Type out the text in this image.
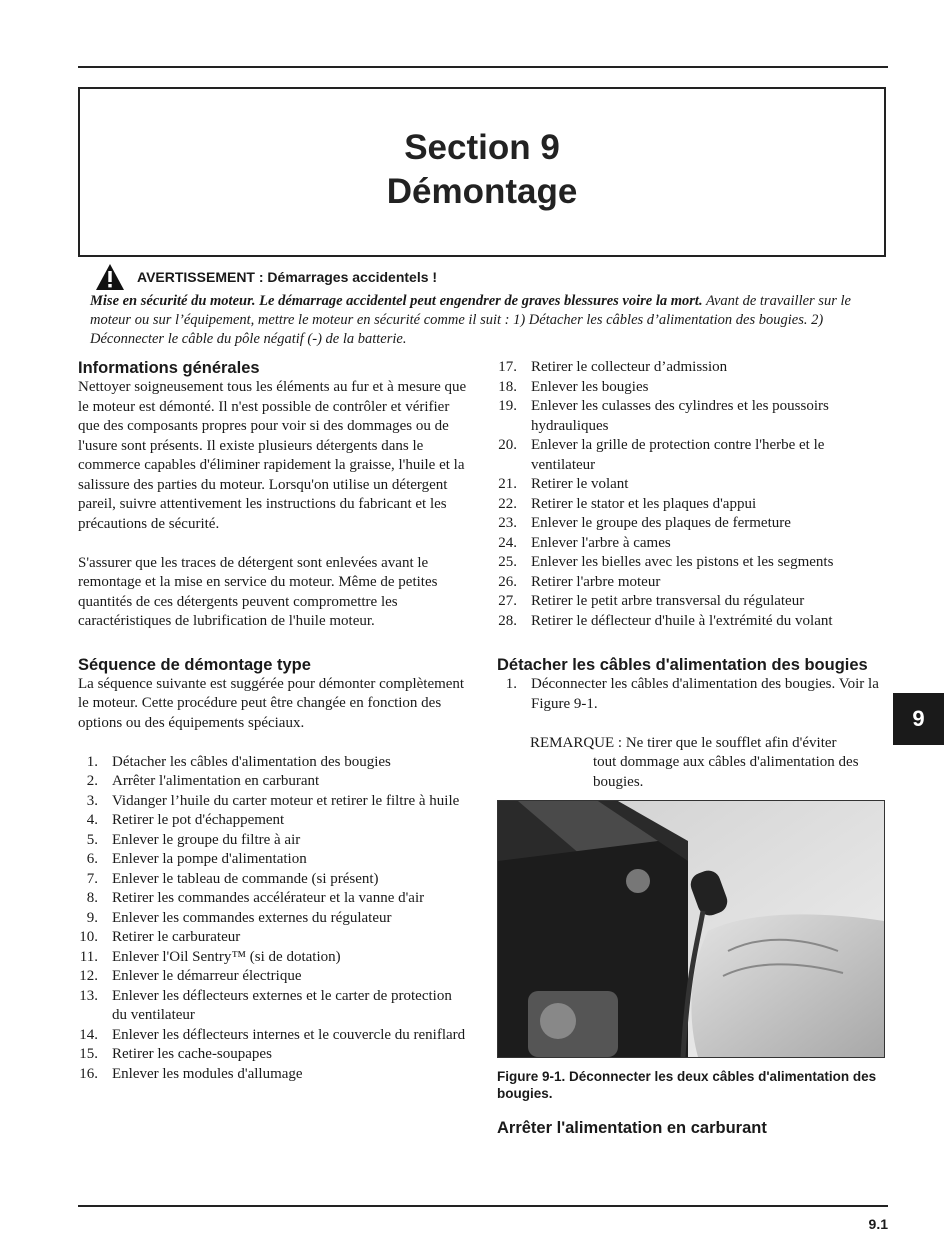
Section 9
Démontage
AVERTISSEMENT : Démarrages accidentels !
Mise en sécurité du moteur. Le démarrage accidentel peut engendrer de graves blessures voire la mort. Avant de travailler sur le moteur ou sur l’équipement, mettre le moteur en sécurité comme il suit : 1) Détacher les câbles d’alimentation des bougies. 2) Déconnecter le câble du pôle négatif (-) de la batterie.
Informations générales

Nettoyer soigneusement tous les éléments au fur et à mesure que le moteur est démonté. Il n'est possible de contrôler et vérifier que des composants propres pour voir si des dommages ou de l'usure sont présents. Il existe plusieurs détergents dans le commerce capables d'éliminer rapidement la graisse, l'huile et la salissure des parties du moteur. Lorsqu'on utilise un détergent pareil, suivre attentivement les instructions du fabricant et les précautions de sécurité.

S'assurer que les traces de détergent sont enlevées avant le remontage et la mise en service du moteur. Même de petites quantités de ces détergents peuvent compromettre les caractéristiques de lubrification de l'huile moteur.

Séquence de démontage type

La séquence suivante est suggérée pour démonter complètement le moteur. Cette procédure peut être changée en fonction des options ou des équipements spéciaux.

1. Détacher les câbles d'alimentation des bougies
2. Arrêter l'alimentation en carburant
3. Vidanger l’huile du carter moteur et retirer le filtre à huile
4. Retirer le pot d'échappement
5. Enlever le groupe du filtre à air
6. Enlever la pompe d'alimentation
7. Enlever le tableau de commande (si présent)
8. Retirer les commandes accélérateur et la vanne d'air
9. Enlever les commandes externes du régulateur
10. Retirer le carburateur
11. Enlever l'Oil Sentry™ (si de dotation)
12. Enlever le démarreur électrique
13. Enlever les déflecteurs externes et le carter de protection du ventilateur
14. Enlever les déflecteurs internes et le couvercle du reniflard
15. Retirer les cache-soupapes
16. Enlever les modules d'allumage
17. Retirer le collecteur d’admission
18. Enlever les bougies
19. Enlever les culasses des cylindres et les poussoirs hydrauliques
20. Enlever la grille de protection contre l'herbe et le ventilateur
21. Retirer le volant
22. Retirer le stator et les plaques d'appui
23. Enlever le groupe des plaques de fermeture
24. Enlever l'arbre à cames
25. Enlever les bielles avec les pistons et les segments
26. Retirer l'arbre moteur
27. Retirer le petit arbre transversal du régulateur
28. Retirer le déflecteur d'huile à l'extrémité du volant
Détacher les câbles d'alimentation des bougies
1. Déconnecter les câbles d'alimentation des bougies. Voir la Figure 9-1.
REMARQUE : Ne tirer que le soufflet afin d'éviter
tout dommage aux câbles d'alimentation des bougies.
Figure 9-1. Déconnecter les deux câbles d'alimentation des bougies.
Arrêter l'alimentation en carburant
9
9.1
